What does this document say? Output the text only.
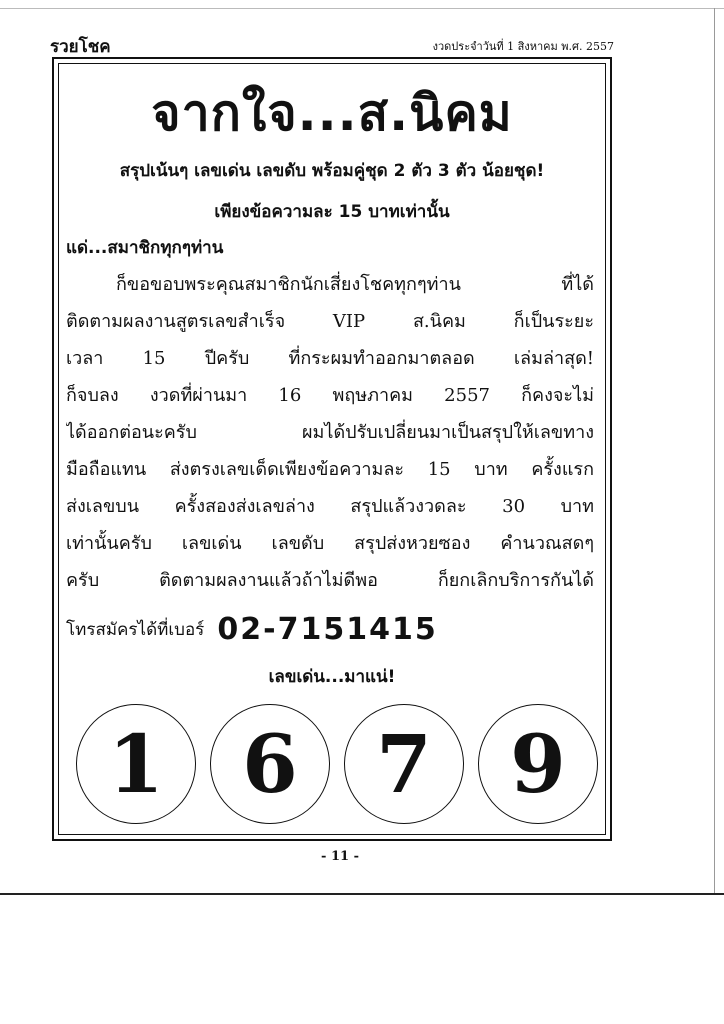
รวยโชค	งวดประจำวันที่ 1 สิงหาคม พ.ศ. 2557
จากใจ...ส.นิคม
สรุปเน้นๆ เลขเด่น เลขดับ พร้อมคู่ชุด 2 ตัว 3 ตัว น้อยชุด!
เพียงข้อความละ 15 บาทเท่านั้น
แด่...สมาชิกทุกๆท่าน
ก็ขอขอบพระคุณสมาชิกนักเสี่ยงโชคทุกๆท่าน ที่ได้
ติดตามผลงานสูตรเลขสำเร็จ VIP ส.นิคม ก็เป็นระยะ
เวลา 15 ปีครับ ที่กระผมทำออกมาตลอด เล่มล่าสุด!
ก็จบลง งวดที่ผ่านมา 16 พฤษภาคม 2557 ก็คงจะไม่
ได้ออกต่อนะครับ ผมได้ปรับเปลี่ยนมาเป็นสรุปให้เลขทาง
มือถือแทน ส่งตรงเลขเด็ดเพียงข้อความละ 15 บาท ครั้งแรก
ส่งเลขบน ครั้งสองส่งเลขล่าง สรุปแล้วงวดละ 30 บาท
เท่านั้นครับ เลขเด่น เลขดับ สรุปส่งหวยซอง คำนวณสดๆ
ครับ ติดตามผลงานแล้วถ้าไม่ดีพอ ก็ยกเลิกบริการกันได้
โทรสมัครได้ที่เบอร์ 02-7151415
เลขเด่น...มาแน่!
1 6 7 9
- 11 -
